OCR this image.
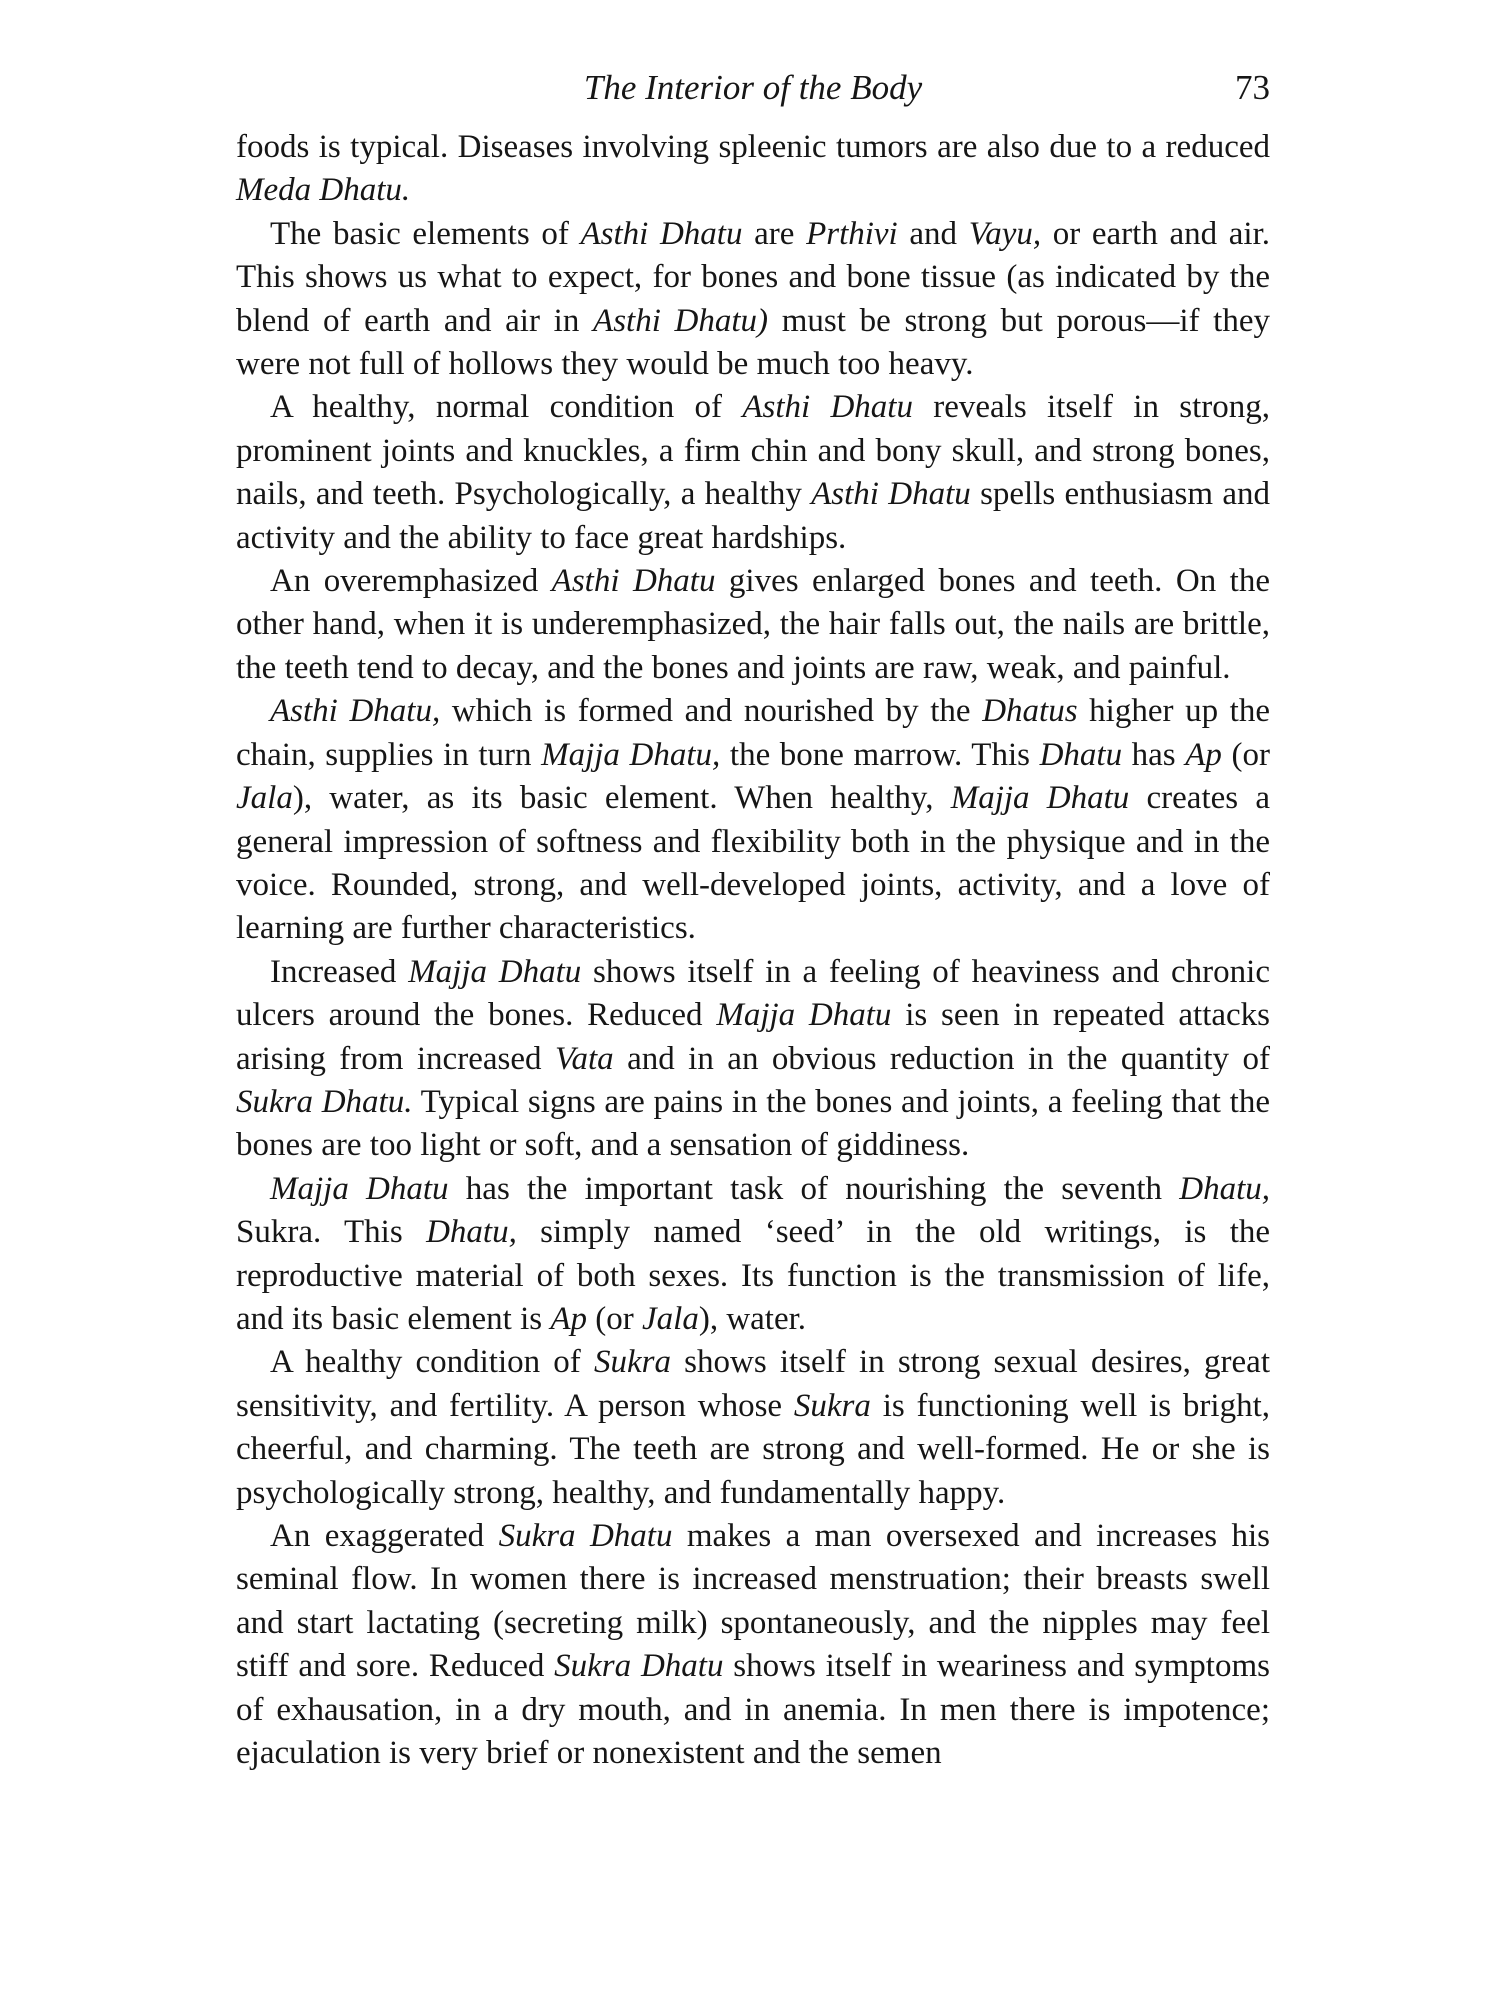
The Interior of the Body	73

foods is typical. Diseases involving spleenic tumors are also due to a reduced Meda Dhatu.

The basic elements of Asthi Dhatu are Prthivi and Vayu, or earth and air. This shows us what to expect, for bones and bone tissue (as indicated by the blend of earth and air in Asthi Dhatu) must be strong but porous—if they were not full of hollows they would be much too heavy.

A healthy, normal condition of Asthi Dhatu reveals itself in strong, prominent joints and knuckles, a firm chin and bony skull, and strong bones, nails, and teeth. Psychologically, a healthy Asthi Dhatu spells enthusiasm and activity and the ability to face great hardships.

An overemphasized Asthi Dhatu gives enlarged bones and teeth. On the other hand, when it is underemphasized, the hair falls out, the nails are brittle, the teeth tend to decay, and the bones and joints are raw, weak, and painful.

Asthi Dhatu, which is formed and nourished by the Dhatus higher up the chain, supplies in turn Majja Dhatu, the bone marrow. This Dhatu has Ap (or Jala), water, as its basic element. When healthy, Majja Dhatu creates a general impression of softness and flexibility both in the physique and in the voice. Rounded, strong, and well-developed joints, activity, and a love of learning are further characteristics.

Increased Majja Dhatu shows itself in a feeling of heaviness and chronic ulcers around the bones. Reduced Majja Dhatu is seen in repeated attacks arising from increased Vata and in an obvious reduction in the quantity of Sukra Dhatu. Typical signs are pains in the bones and joints, a feeling that the bones are too light or soft, and a sensation of giddiness.

Majja Dhatu has the important task of nourishing the seventh Dhatu, Sukra. This Dhatu, simply named ‘seed’ in the old writings, is the reproductive material of both sexes. Its function is the transmission of life, and its basic element is Ap (or Jala), water.

A healthy condition of Sukra shows itself in strong sexual desires, great sensitivity, and fertility. A person whose Sukra is functioning well is bright, cheerful, and charming. The teeth are strong and well-formed. He or she is psychologically strong, healthy, and fundamentally happy.

An exaggerated Sukra Dhatu makes a man oversexed and increases his seminal flow. In women there is increased menstruation; their breasts swell and start lactating (secreting milk) spontaneously, and the nipples may feel stiff and sore. Reduced Sukra Dhatu shows itself in weariness and symptoms of exhausation, in a dry mouth, and in anemia. In men there is impotence; ejaculation is very brief or nonexistent and the semen
